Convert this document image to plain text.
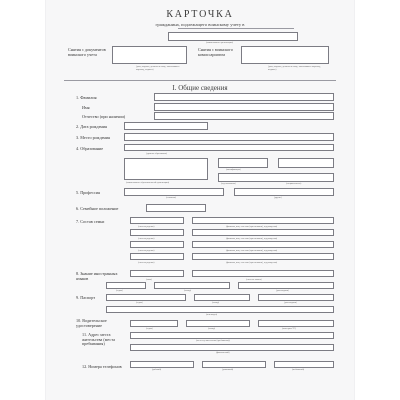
КАРТОЧКА
гражданина, подлежащего воинскому учету в
(наименование организации)
Снятия с документов воинского учета
(дата, подпись, должность лица, заполнявшего карточку, подпись)
Снятия с воинского комиссариатом
(дата, подпись, должность лица, заполнявшего карточку, подпись)
I. Общие сведения
1. Фамилия
Имя
Отчество (при наличии)
2. Дата рождения
3. Место рождения
4. Образование
(уровень образования)
(квалификация)
(наименование образовательной организации)	(год окончания)	(специальность)
5. Профессия
(основная)	(другие)
6. Семейное положение
7. Состав семьи
(степень родства)	(фамилия, имя, отчество (при наличии), год рождения)
(степень родства)	(фамилия, имя, отчество (при наличии), год рождения)
(степень родства)	(фамилия, имя, отчество (при наличии), год рождения)
(степень родства)	(фамилия, имя, отчество (при наличии), год рождения)
8. Знание иностранных языков	(язык)	(степень знания)
9. Паспорт
(серия)	(номер)	(дата выдачи)
(серия)	(номер)	(дата выдачи)
(кем выдан)
10. Водительское удостоверение
(серия)	(номер)	(категория ТС)
11. Адрес места жительства (места пребывания)
(по месту жительства (пребывания))
(фактический)
12. Номера телефонов
(рабочий)	(домашний)	(мобильный)
